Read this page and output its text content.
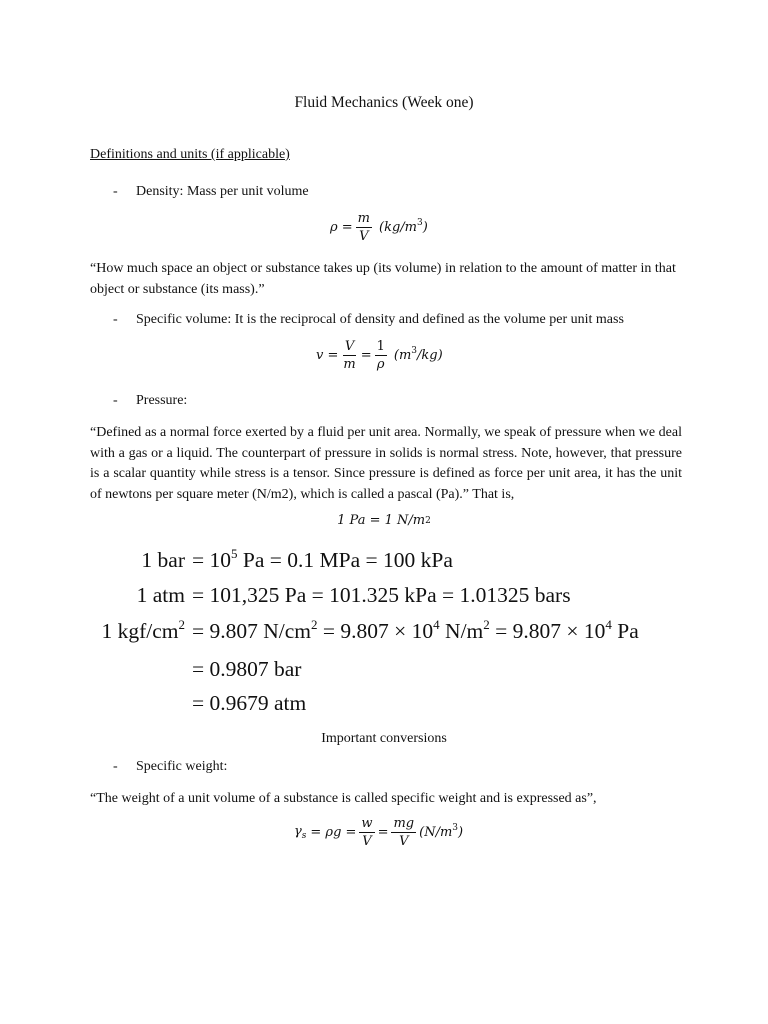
Fluid Mechanics (Week one)
Definitions and units (if applicable)
- Density: Mass per unit volume
$\rho = \frac{m}{V} (kg/m^3)$
“How much space an object or substance takes up (its volume) in relation to the amount of matter in that object or substance (its mass).”
- Specific volume: It is the reciprocal of density and defined as the volume per unit mass
$v = \frac{V}{m} = \frac{1}{\rho} (m^3/kg)$
- Pressure:
“Defined as a normal force exerted by a fluid per unit area. Normally, we speak of pressure when we deal with a gas or a liquid. The counterpart of pressure in solids is normal stress. Note, however, that pressure is a scalar quantity while stress is a tensor. Since pressure is defined as force per unit area, it has the unit of newtons per square meter (N/m2), which is called a pascal (Pa).” That is,
1 Pa = 1 N/m 2
1 bar = $10^5$ Pa = 0.1 MPa = 100 kPa
1 atm = 101,325 Pa = 101.325 kPa = 1.01325 bars
1 kgf/$cm^2 = 9.807$ $N/cm^2 = 9.807 \times 10^4$ $N/m^2 = 9.807 \times 10^4$ Pa
= 0.9807 bar
= 0.9679 atm
Important conversions
- Specific weight:
“The weight of a unit volume of a substance is called specific weight and is expressed as”,
$\gamma_s = \rho g = \frac{w}{V} = \frac{mg}{V} (N/m^3)$
